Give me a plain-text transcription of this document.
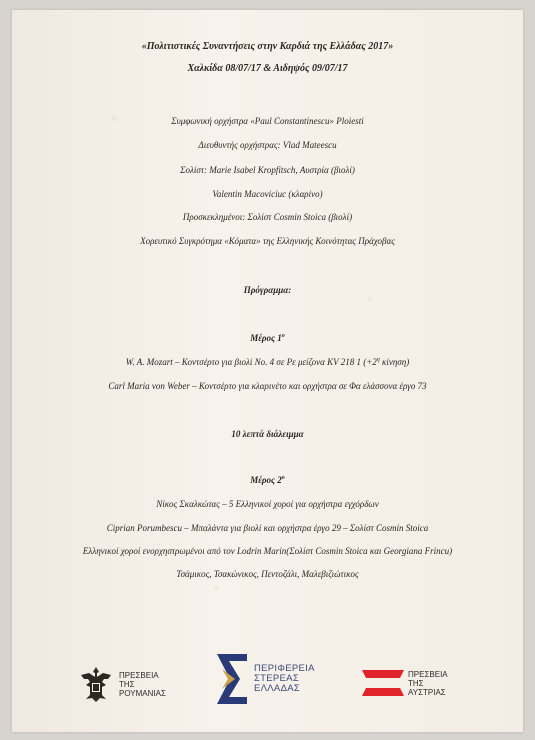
«Πολιτιστικές Συναντήσεις στην Καρδιά της Ελλάδας 2017»
Χαλκίδα 08/07/17 & Αιδηψός 09/07/17
Συμφωνική ορχήστρα «Paul Constantinescu» Ploiesti
Διευθυντής ορχήστρας: Vlad Mateescu
Σολίστ: Marie Isabel Kropfitsch, Αυστρία (βιολί)
Valentin Macoviciuc (κλαρίνο)
Προσκεκλημένοι: Σολίστ Cosmin Stoica (βιολί)
Χορευτικό Συγκρότημα «Κόματα» της Ελληνικής Κοινότητας Πράχοβας
Πρόγραμμα:
Μέρος $1^o$
W. A. Mozart – Κοντσέρτο για βιολί No. 4 σε Ρε μείζονα KV 218 1 ($+2^\eta$ κίνηση)
Carl Maria von Weber – Κοντσέρτο για κλαρινέτο και ορχήστρα σε Φα ελάσσονα έργο 73
10 λεπτά διάλειμμα
Μέρος $2^o$
Νίκος Σκαλκώτας – 5 Ελληνικοί χοροί για ορχήστρα εγχόρδων
Ciprian Porumbescu – Μπαλάντα για βιολί και ορχήστρα έργο 29 – Σολίστ Cosmin Stoica
Ελληνικοί χοροί ενορχηστρωμένοι από τον Lodrin Marin(Σολίστ Cosmin Stoica και Georgiana Frincu)
Τσάμικος, Τσακώνικος, Πεντοζάλι, Μαλεβιζιώτικος
ΠΡΕΣΒΕΙΑ
ΤΗΣ
ΡΟΥΜΑΝΙΑΣ
ΠΕΡΙΦΕΡΕΙΑ
ΣΤΕΡΕΑΣ
ΕΛΛΑΔΑΣ
ΠΡΕΣΒΕΙΑ
ΤΗΣ
ΑΥΣΤΡΙΑΣ
